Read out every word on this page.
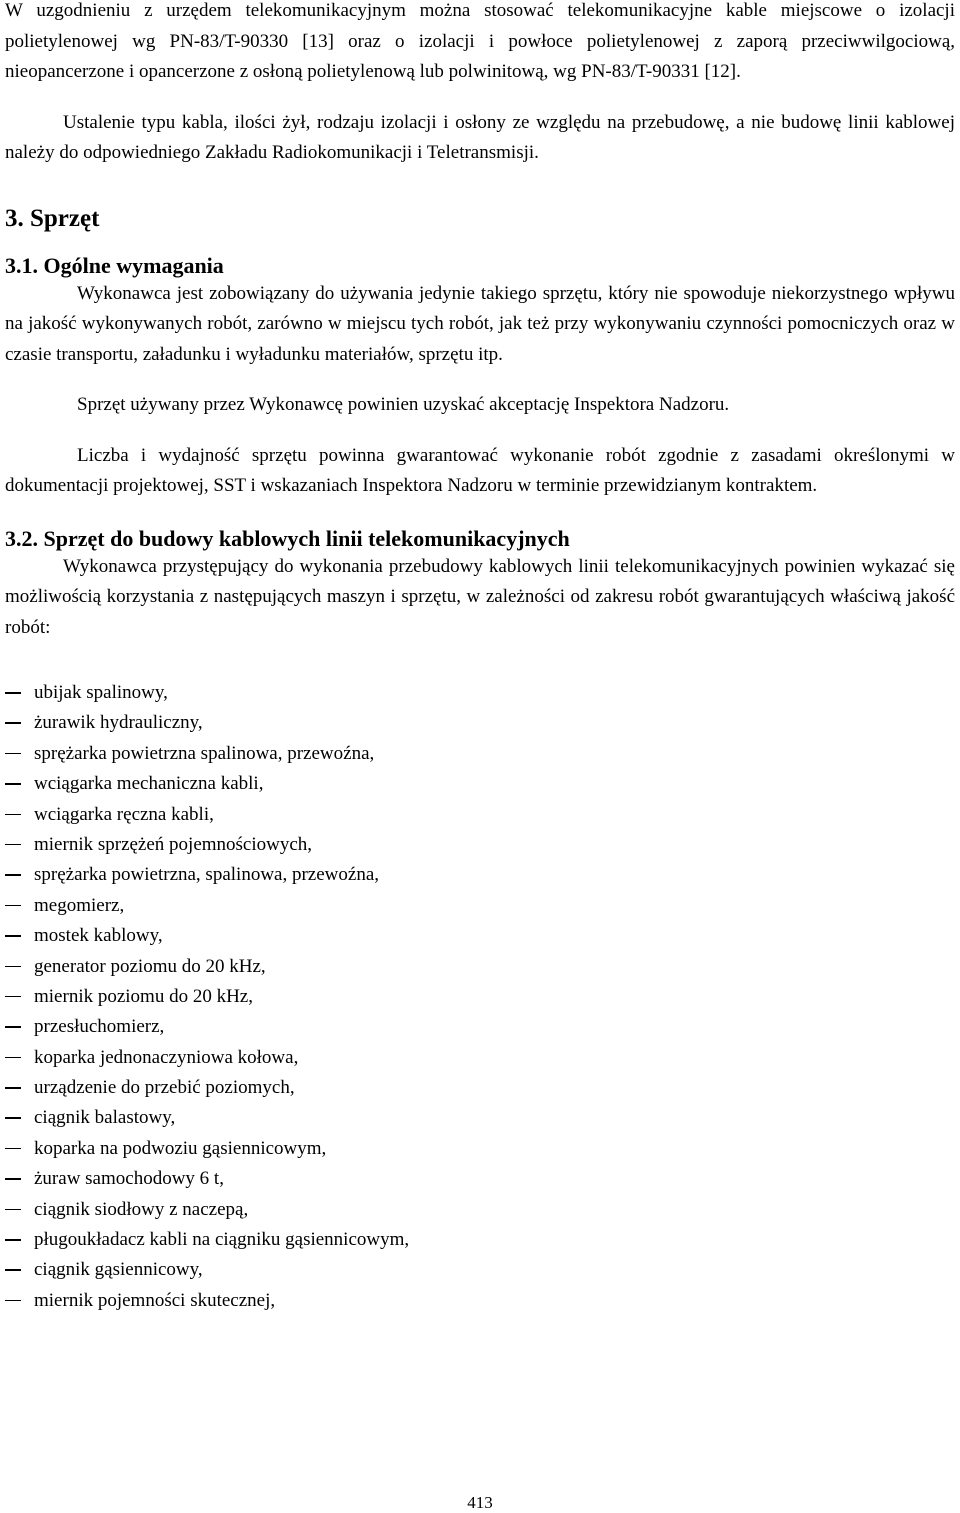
W uzgodnieniu z urzędem telekomunikacyjnym można stosować telekomunikacyjne kable miejscowe o izolacji polietylenowej wg PN-83/T-90330 [13] oraz o izolacji i powłoce polietylenowej z zaporą przeciwwilgociową, nieopancerzone i opancerzone z osłoną polietylenową lub polwinitową, wg PN-83/T-90331 [12].

Ustalenie typu kabla, ilości żył, rodzaju izolacji i osłony ze względu na przebudowę, a nie budowę linii kablowej należy do odpowiedniego Zakładu Radiokomunikacji i Teletransmisji.

3. Sprzęt
3.1. Ogólne wymagania

Wykonawca jest zobowiązany do używania jedynie takiego sprzętu, który nie spowoduje niekorzystnego wpływu na jakość wykonywanych robót, zarówno w miejscu tych robót, jak też przy wykonywaniu czynności pomocniczych oraz w czasie transportu, załadunku i wyładunku materiałów, sprzętu itp.

Sprzęt używany przez Wykonawcę powinien uzyskać akceptację Inspektora Nadzoru.

Liczba i wydajność sprzętu powinna gwarantować wykonanie robót zgodnie z zasadami określonymi w dokumentacji projektowej, SST i wskazaniach Inspektora Nadzoru w terminie przewidzianym kontraktem.

3.2. Sprzęt do budowy kablowych linii telekomunikacyjnych

Wykonawca przystępujący do wykonania przebudowy kablowych linii telekomunikacyjnych powinien wykazać się możliwością korzystania z następujących maszyn i sprzętu, w zależności od zakresu robót gwarantujących właściwą jakość robót:

ubijak spalinowy,
żurawik hydrauliczny,
sprężarka powietrzna spalinowa, przewoźna,
wciągarka mechaniczna kabli,
wciągarka ręczna kabli,
miernik sprzężeń pojemnościowych,
sprężarka powietrzna, spalinowa, przewoźna,
megomierz,
mostek kablowy,
generator poziomu do 20 kHz,
miernik poziomu do 20 kHz,
przesłuchomierz,
koparka jednonaczyniowa kołowa,
urządzenie do przebić poziomych,
ciągnik balastowy,
koparka na podwoziu gąsiennicowym,
żuraw samochodowy 6 t,
ciągnik siodłowy z naczepą,
pługoukładacz kabli na ciągniku gąsiennicowym,
ciągnik gąsiennicowy,
miernik pojemności skutecznej,
413
